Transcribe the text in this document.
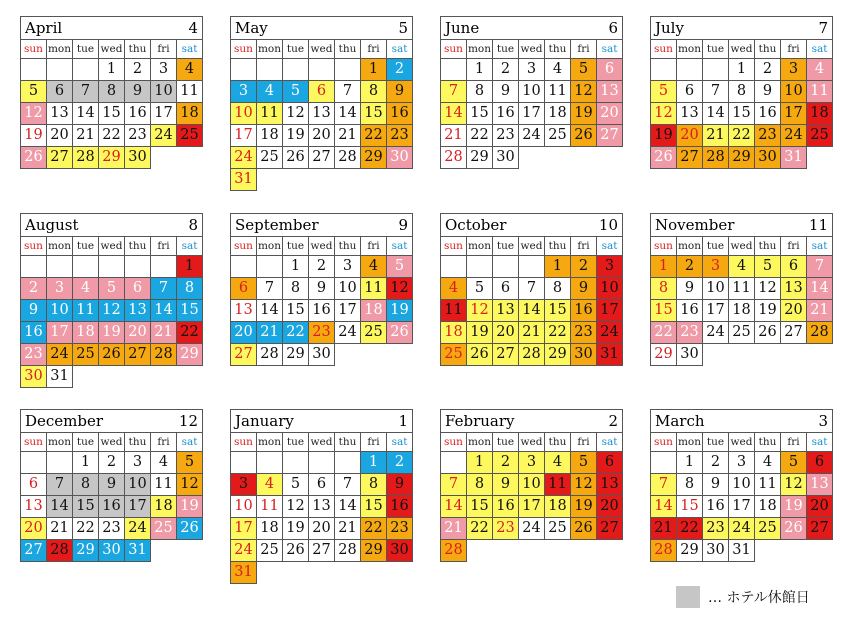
April 4						

sun	mon	tue	wed	thu	fri	sat
			1	2	3	4
5	6	7	8	9	10	11
12	13	14	15	16	17	18
19	20	21	22	23	24	25
26	27	28	29	30		
May 5						

sun	mon	tue	wed	thu	fri	sat
					1	2
3	4	5	6	7	8	9
10	11	12	13	14	15	16
17	18	19	20	21	22	23
24	25	26	27	28	29	30
31						
June 6						

sun	mon	tue	wed	thu	fri	sat
	1	2	3	4	5	6
7	8	9	10	11	12	13
14	15	16	17	18	19	20
21	22	23	24	25	26	27
28	29	30				
July 7						

sun	mon	tue	wed	thu	fri	sat
			1	2	3	4
5	6	7	8	9	10	11
12	13	14	15	16	17	18
19	20	21	22	23	24	25
26	27	28	29	30	31	
August 8						

sun	mon	tue	wed	thu	fri	sat
						1
2	3	4	5	6	7	8
9	10	11	12	13	14	15
16	17	18	19	20	21	22
23	24	25	26	27	28	29
30	31					
September 9						

sun	mon	tue	wed	thu	fri	sat
		1	2	3	4	5
6	7	8	9	10	11	12
13	14	15	16	17	18	19
20	21	22	23	24	25	26
27	28	29	30			
October 10						

sun	mon	tue	wed	thu	fri	sat
				1	2	3
4	5	6	7	8	9	10
11	12	13	14	15	16	17
18	19	20	21	22	23	24
25	26	27	28	29	30	31
November 11						

sun	mon	tue	wed	thu	fri	sat
1	2	3	4	5	6	7
8	9	10	11	12	13	14
15	16	17	18	19	20	21
22	23	24	25	26	27	28
29	30					
December 12						

sun	mon	tue	wed	thu	fri	sat
		1	2	3	4	5
6	7	8	9	10	11	12
13	14	15	16	17	18	19
20	21	22	23	24	25	26
27	28	29	30	31		
January 1						

sun	mon	tue	wed	thu	fri	sat
					1	2
3	4	5	6	7	8	9
10	11	12	13	14	15	16
17	18	19	20	21	22	23
24	25	26	27	28	29	30
31						
February 2						

sun	mon	tue	wed	thu	fri	sat
	1	2	3	4	5	6
7	8	9	10	11	12	13
14	15	16	17	18	19	20
21	22	23	24	25	26	27
28						
March 3						

sun	mon	tue	wed	thu	fri	sat
	1	2	3	4	5	6
7	8	9	10	11	12	13
14	15	16	17	18	19	20
21	22	23	24	25	26	27
28	29	30	31			
… ホテル休館日
